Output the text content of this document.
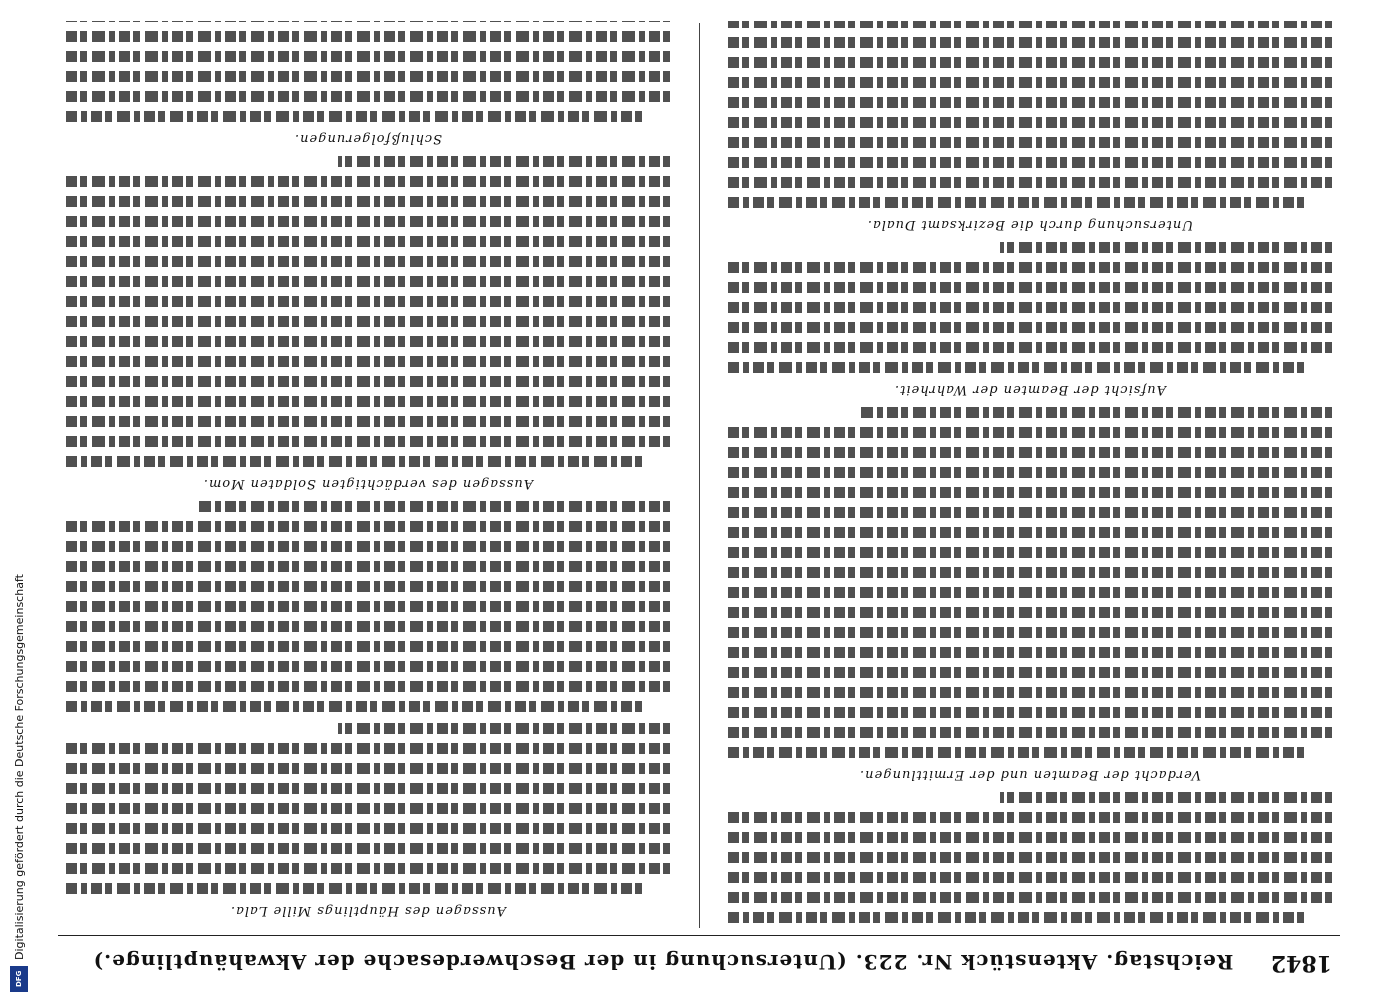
1842
Reichstag. Aktenstück Nr. 223. (Untersuchung in der Beschwerdesache der Akwahäuptlinge.)
Verdacht der Beamten und der Ermittlungen.
Aufsicht der Beamten der Wahrheit.
Untersuchung durch die Bezirksamt Duala.
Aussagen des Häuptlings Mille Lala.
Aussagen des verdächtigten Soldaten Mom.
Schlußfolgerungen.
Digitalisierung gefördert durch die Deutsche Forschungsgemeinschaft
DFG
